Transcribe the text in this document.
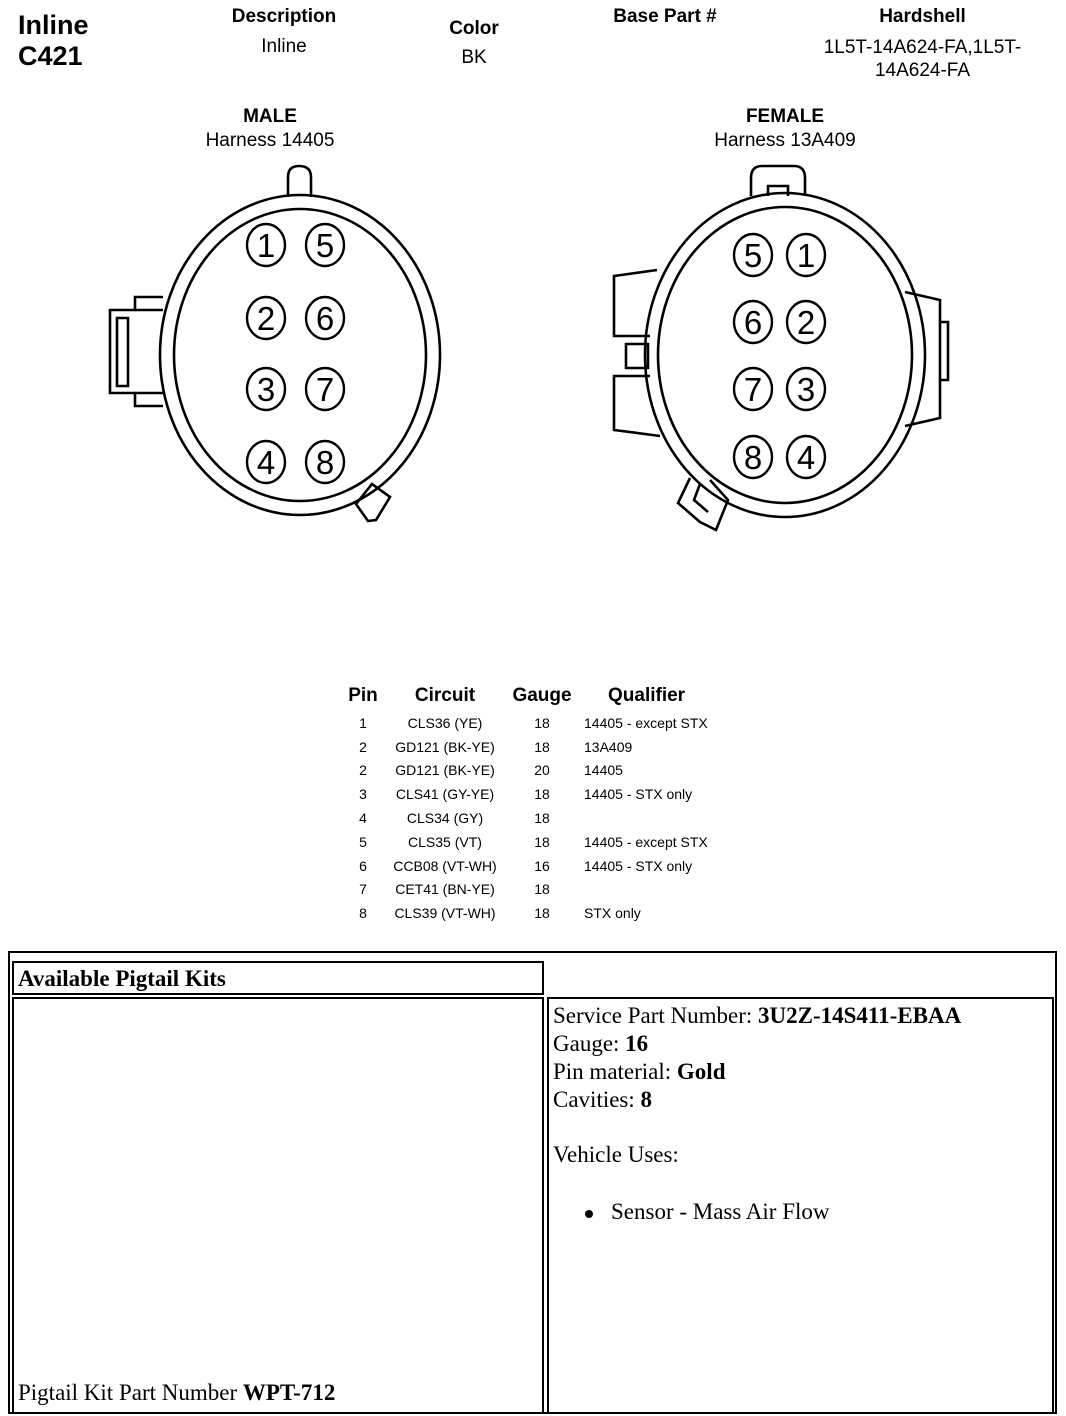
Inline
C421
Description
Inline
Color
BK
Base Part #	Hardshell
1L5T-14A624-FA,1L5T-
14A624-FA
MALE
Harness 14405
FEMALE
Harness 13A409
1 5
2 6
3 7
4 8
5 1
6 2
7 3
8 4
Pin	Circuit	Gauge	Qualifier
1	CLS36 (YE)	18	14405 - except STX
2	GD121 (BK-YE)	18	13A409
2	GD121 (BK-YE)	20	14405
3	CLS41 (GY-YE)	18	14405 - STX only
4	CLS34 (GY)	18	
5	CLS35 (VT)	18	14405 - except STX
6	CCB08 (VT-WH)	16	14405 - STX only
7	CET41 (BN-YE)	18	
8	CLS39 (VT-WH)	18	STX only
Available Pigtail Kits
Pigtail Kit Part Number WPT-712
Service Part Number: 3U2Z-14S411-EBAA
Gauge: 16
Pin material: Gold
Cavities: 8
Vehicle Uses:
Sensor - Mass Air Flow
